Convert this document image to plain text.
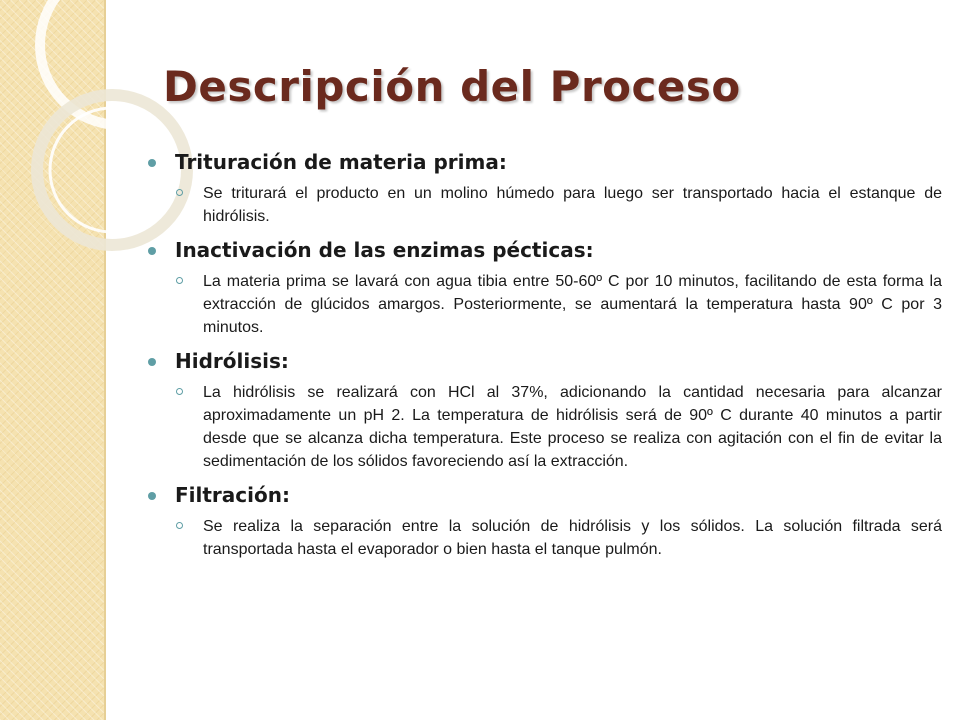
Descripción del Proceso
Trituración de materia prima:
Se triturará el producto en un molino húmedo para luego ser transportado hacia el estanque de hidrólisis.
Inactivación de las enzimas pécticas:
La materia prima se lavará con agua tibia entre 50-60º C por 10 minutos, facilitando de esta forma la extracción de glúcidos amargos. Posteriormente, se aumentará la temperatura hasta 90º C por 3 minutos.
Hidrólisis:
La hidrólisis se realizará con HCl al 37%, adicionando la cantidad necesaria para alcanzar aproximadamente un pH 2. La temperatura de hidrólisis será de 90º C durante 40 minutos a partir desde que se alcanza dicha temperatura. Este proceso se realiza con agitación con el fin de evitar la sedimentación de los sólidos favoreciendo así la extracción.
Filtración:
Se realiza la separación entre la solución de hidrólisis y los sólidos. La solución filtrada será transportada hasta el evaporador o bien hasta el tanque pulmón.
